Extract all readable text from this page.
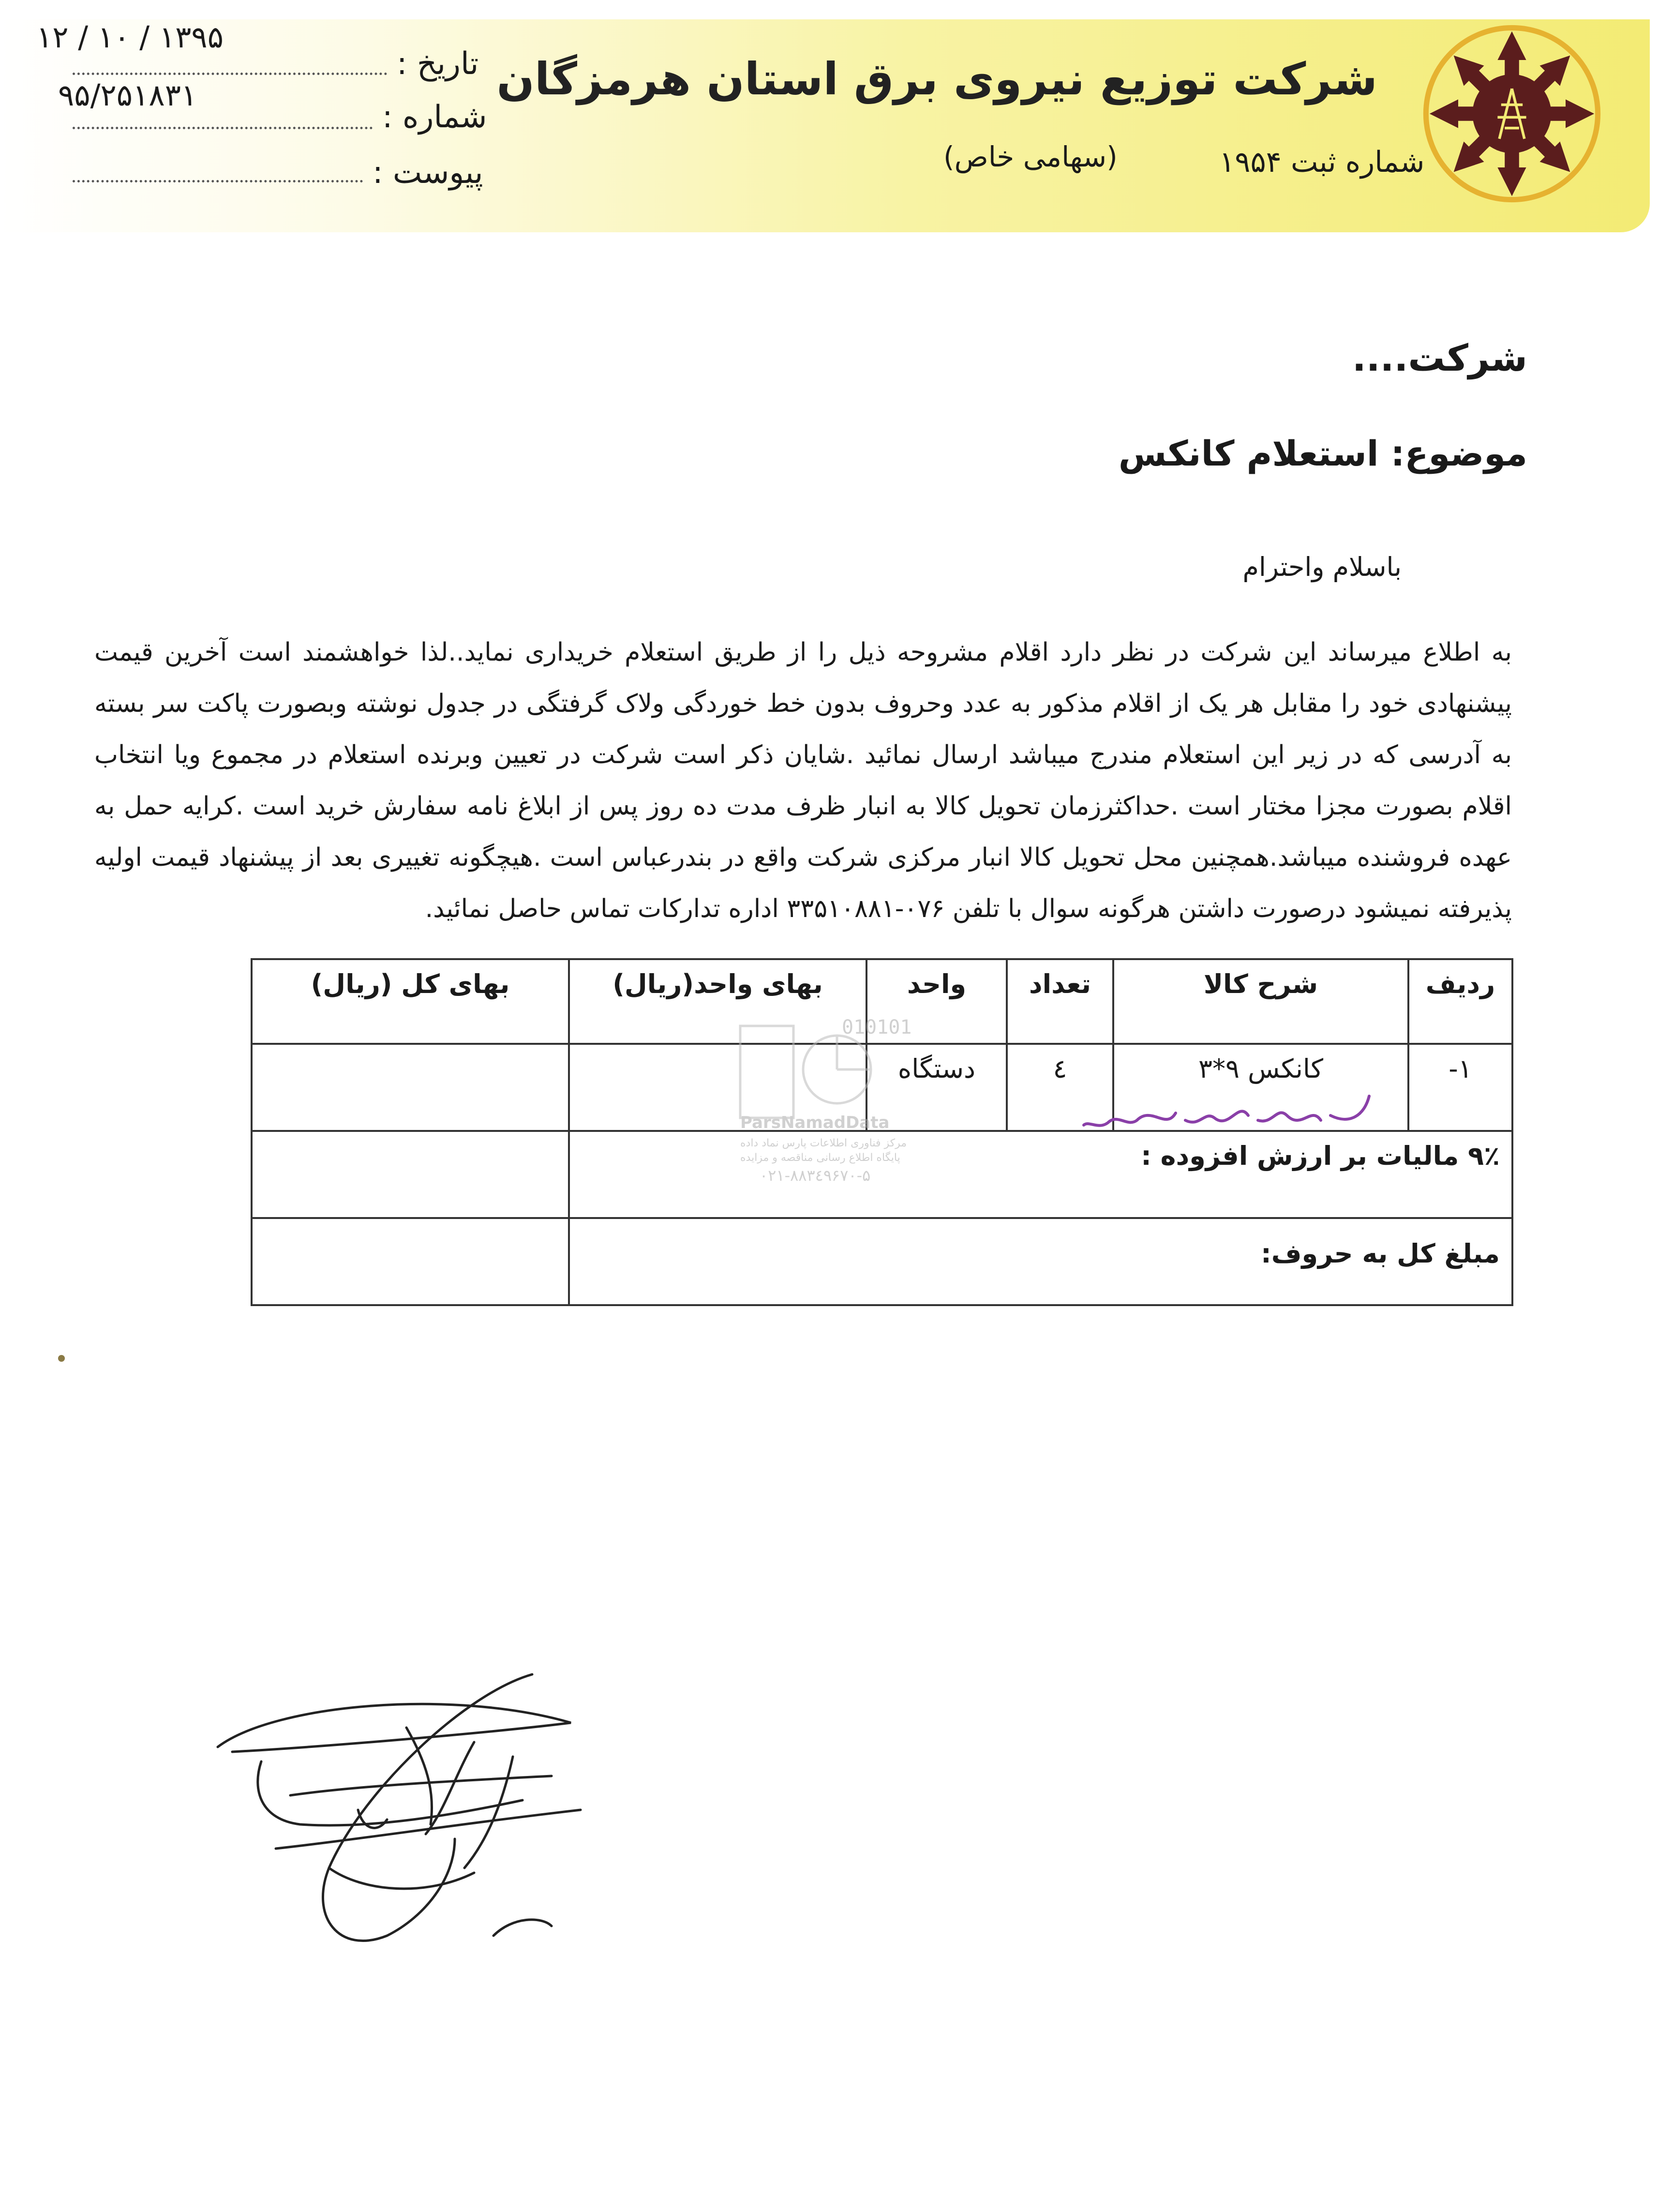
شرکت توزیع نیروی برق استان هرمزگان
شماره ثبت ۱۹۵۴
(سهامی خاص)
تاریخ :
۱۲ / ۱۰ / ۱۳۹۵
شماره :
۹۵/۲۵۱۸۳۱
پیوست :
شرکت....
موضوع: استعلام کانکس
باسلام واحترام
به اطلاع میرساند این شرکت در نظر دارد اقلام مشروحه ذیل را از طریق استعلام خریداری نماید..لذا خواهشمند است آخرین قیمت پیشنهادی خود را مقابل هر یک از اقلام مذکور به عدد وحروف بدون خط خوردگی ولاک گرفتگی در جدول نوشته وبصورت پاکت سر بسته به آدرسی که در زیر این استعلام مندرج میباشد ارسال نمائید .شایان ذکر است شرکت در تعیین وبرنده استعلام در مجموع ویا انتخاب اقلام بصورت مجزا مختار است .حداکثرزمان تحویل کالا به انبار ظرف مدت ده روز پس از ابلاغ نامه سفارش خرید است .کرایه حمل به عهده فروشنده میباشد.همچنین محل تحویل کالا انبار مرکزی شرکت واقع در بندرعباس است .هیچگونه تغییری بعد از پیشنهاد قیمت اولیه پذیرفته نمیشود درصورت داشتن هرگونه سوال با تلفن ۰۷۶-۳۳۵۱۰۸۸۱ اداره تدارکات تماس حاصل نمائید.
ردیف	شرح کالا	تعداد	واحد	بهای واحد(ریال)	بهای کل (ریال)
۱-	کانکس ۹*۳	٤	دستگاه		
۹٪ مالیات بر ارزش افزوده :					
مبلغ کل به حروف:					
010101
ParsNamadData
مرکز فناوری اطلاعات پارس نماد داده
پایگاه اطلاع رسانی مناقصه و مزایده
۰۲۱-۸۸۳٤۹۶۷۰-۵
